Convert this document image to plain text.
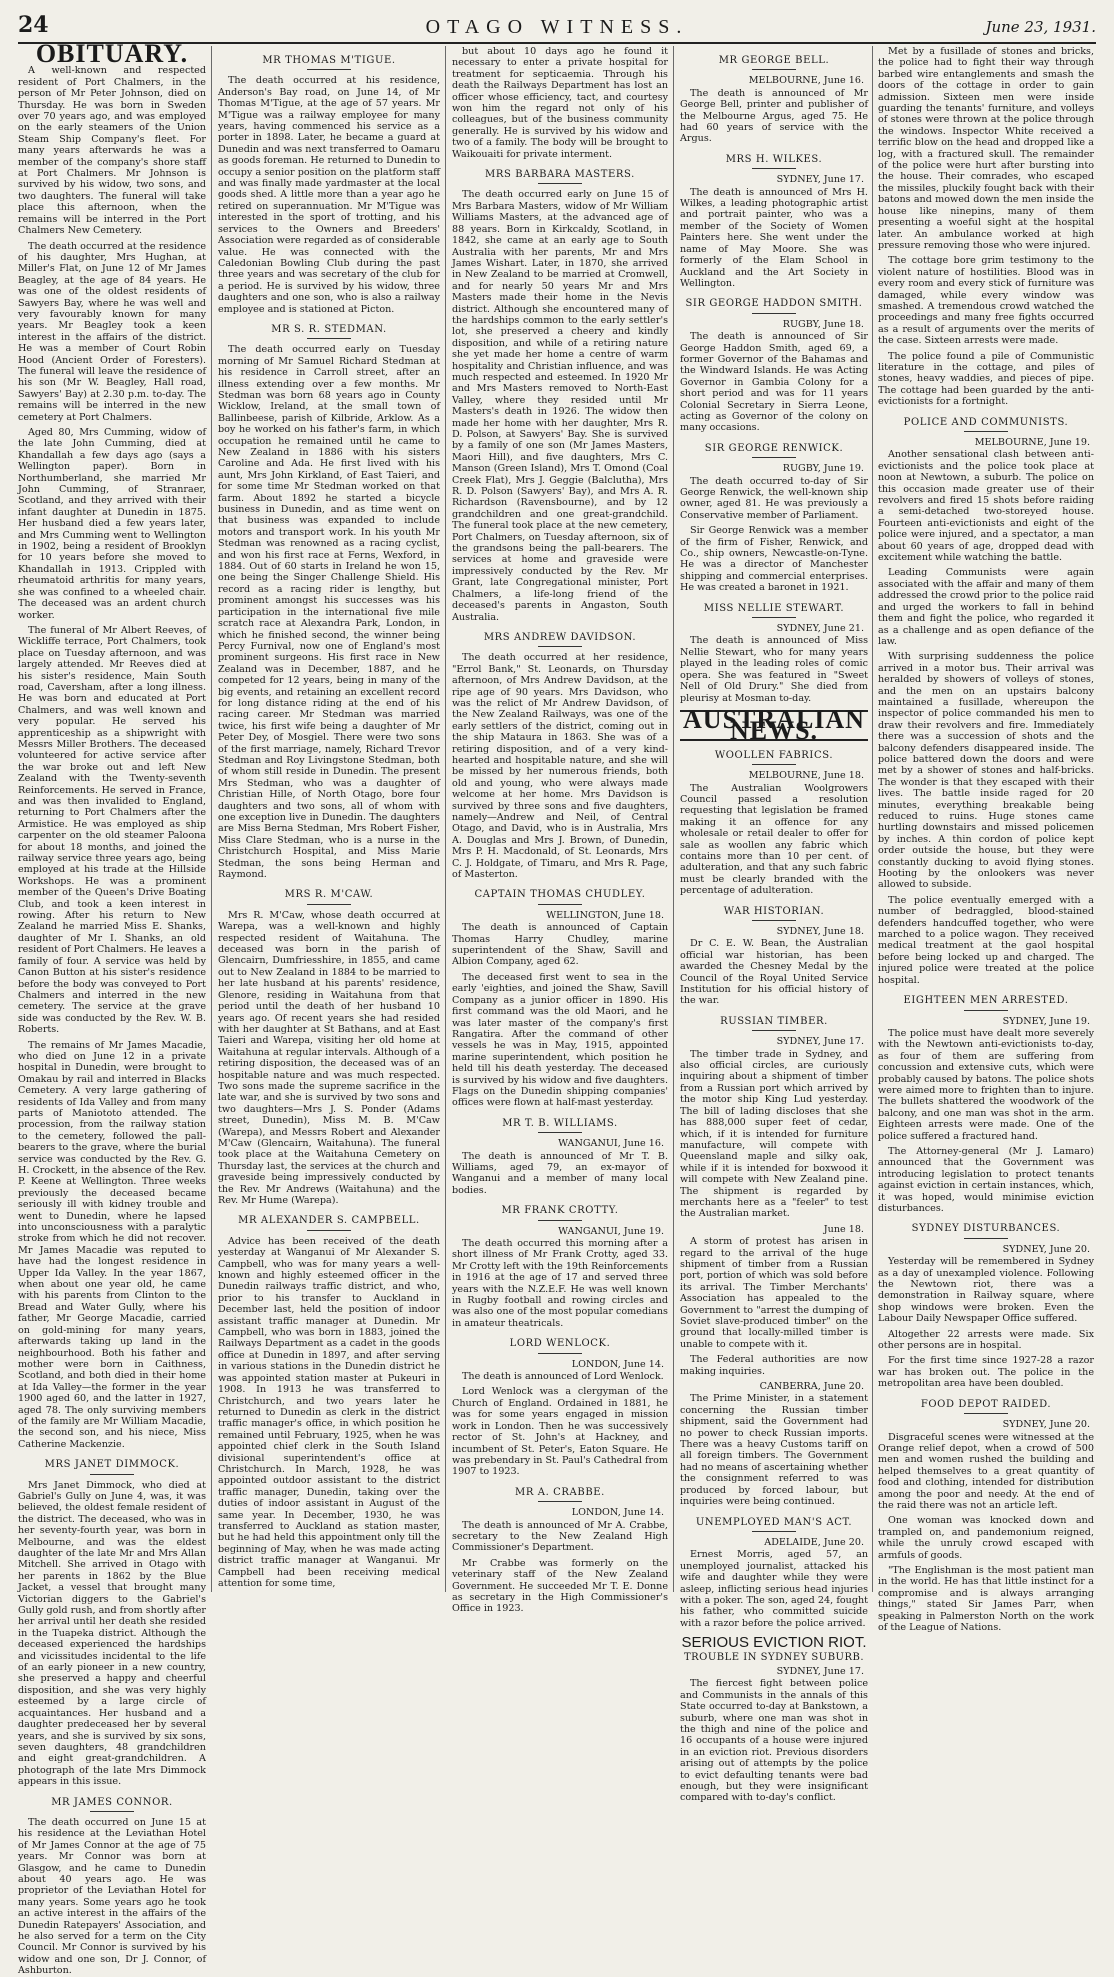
24	OTAGO WITNESS.	June 23, 1931.
OBITUARY.

A well-known and respected resident of Port Chalmers, in the person of Mr Peter Johnson, died on Thursday. He was born in Sweden over 70 years ago, and was employed on the early steamers of the Union Steam Ship Company's fleet. For many years afterwards he was a member of the company's shore staff at Port Chalmers. Mr Johnson is survived by his widow, two sons, and two daughters. The funeral will take place this afternoon, when the remains will be interred in the Port Chalmers New Cemetery.

The death occurred at the residence of his daughter, Mrs Hughan, at Miller's Flat, on June 12 of Mr James Beagley, at the age of 84 years. He was one of the oldest residents of Sawyers Bay, where he was well and very favourably known for many years. Mr Beagley took a keen interest in the affairs of the district. He was a member of Court Robin Hood (Ancient Order of Foresters). The funeral will leave the residence of his son (Mr W. Beagley, Hall road, Sawyers' Bay) at 2.30 p.m. to-day. The remains will be interred in the new cemetery at Port Chalmers.

Aged 80, Mrs Cumming, widow of the late John Cumming, died at Khandallah a few days ago (says a Wellington paper). Born in Northumberland, she married Mr John Cumming, of Stranraer, Scotland, and they arrived with their infant daughter at Dunedin in 1875. Her husband died a few years later, and Mrs Cumming went to Wellington in 1902, being a resident of Brooklyn for 10 years before she moved to Khandallah in 1913. Crippled with rheumatoid arthritis for many years, she was confined to a wheeled chair. The deceased was an ardent church worker.

The funeral of Mr Albert Reeves, of Wickliffe terrace, Port Chalmers, took place on Tuesday afternoon, and was largely attended. Mr Reeves died at his sister's residence, Main South road, Caversham, after a long illness. He was born and educated at Port Chalmers, and was well known and very popular. He served his apprenticeship as a shipwright with Messrs Miller Brothers. The deceased volunteered for active service after the war broke out and left New Zealand with the Twenty-seventh Reinforcements. He served in France, and was then invalided to England, returning to Port Chalmers after the Armistice. He was employed as ship carpenter on the old steamer Paloona for about 18 months, and joined the railway service three years ago, being employed at his trade at the Hillside Workshops. He was a prominent member of the Queen's Drive Boating Club, and took a keen interest in rowing. After his return to New Zealand he married Miss E. Shanks, daughter of Mr I. Shanks, an old resident of Port Chalmers. He leaves a family of four. A service was held by Canon Button at his sister's residence before the body was conveyed to Port Chalmers and interred in the new cemetery. The service at the grave side was conducted by the Rev. W. B. Roberts.

The remains of Mr James Macadie, who died on June 12 in a private hospital in Dunedin, were brought to Omakau by rail and interred in Blacks Cemetery. A very large gathering of residents of Ida Valley and from many parts of Maniototo attended. The procession, from the railway station to the cemetery, followed the pall-bearers to the grave, where the burial service was conducted by the Rev. G. H. Crockett, in the absence of the Rev. P. Keene at Wellington. Three weeks previously the deceased became seriously ill with kidney trouble and went to Dunedin, where he lapsed into unconsciousness with a paralytic stroke from which he did not recover. Mr James Macadie was reputed to have had the longest residence in Upper Ida Valley. In the year 1867, when about one year old, he came with his parents from Clinton to the Bread and Water Gully, where his father, Mr George Macadie, carried on gold-mining for many years, afterwards taking up land in the neighbourhood. Both his father and mother were born in Caithness, Scotland, and both died in their home at Ida Valley—the former in the year 1900 aged 60, and the latter in 1927, aged 78. The only surviving members of the family are Mr William Macadie, the second son, and his niece, Miss Catherine Mackenzie.

MRS JANET DIMMOCK.

Mrs Janet Dimmock, who died at Gabriel's Gully on June 4, was, it was believed, the oldest female resident of the district. The deceased, who was in her seventy-fourth year, was born in Melbourne, and was the eldest daughter of the late Mr and Mrs Allan Mitchell. She arrived in Otago with her parents in 1862 by the Blue Jacket, a vessel that brought many Victorian diggers to the Gabriel's Gully gold rush, and from shortly after her arrival until her death she resided in the Tuapeka district. Although the deceased experienced the hardships and vicissitudes incidental to the life of an early pioneer in a new country, she preserved a happy and cheerful disposition, and she was very highly esteemed by a large circle of acquaintances. Her husband and a daughter predeceased her by several years, and she is survived by six sons, seven daughters, 48 grandchildren and eight great-grandchildren. A photograph of the late Mrs Dimmock appears in this issue.

MR JAMES CONNOR.

The death occurred on June 15 at his residence at the Leviathan Hotel of Mr James Connor at the age of 75 years. Mr Connor was born at Glasgow, and he came to Dunedin about 40 years ago. He was proprietor of the Leviathan Hotel for many years. Some years ago he took an active interest in the affairs of the Dunedin Ratepayers' Association, and he also served for a term on the City Council. Mr Connor is survived by his widow and one son, Dr J. Connor, of Ashburton.

MR THOMAS M'TIGUE.

The death occurred at his residence, Anderson's Bay road, on June 14, of Mr Thomas M'Tigue, at the age of 57 years. Mr M'Tigue was a railway employee for many years, having commenced his service as a porter in 1898. Later, he became a guard at Dunedin and was next transferred to Oamaru as goods foreman. He returned to Dunedin to occupy a senior position on the platform staff and was finally made yardmaster at the local goods shed. A little more than a year ago he retired on superannuation. Mr M'Tigue was interested in the sport of trotting, and his services to the Owners and Breeders' Association were regarded as of considerable value. He was connected with the Caledonian Bowling Club during the past three years and was secretary of the club for a period. He is survived by his widow, three daughters and one son, who is also a railway employee and is stationed at Picton.

MR S. R. STEDMAN.

The death occurred early on Tuesday morning of Mr Samuel Richard Stedman at his residence in Carroll street, after an illness extending over a few months. Mr Stedman was born 68 years ago in County Wicklow, Ireland, at the small town of Ballinbeese, parish of Kilbride, Arklow. As a boy he worked on his father's farm, in which occupation he remained until he came to New Zealand in 1886 with his sisters Caroline and Ada. He first lived with his aunt, Mrs John Kirkland, of East Taieri, and for some time Mr Stedman worked on that farm. About 1892 he started a bicycle business in Dunedin, and as time went on that business was expanded to include motors and transport work. In his youth Mr Stedman was renowned as a racing cyclist, and won his first race at Ferns, Wexford, in 1884. Out of 60 starts in Ireland he won 15, one being the Singer Challenge Shield. His record as a racing rider is lengthy, but prominent amongst his successes was his participation in the international five mile scratch race at Alexandra Park, London, in which he finished second, the winner being Percy Furnival, now one of England's most prominent surgeons. His first race in New Zealand was in December, 1887, and he competed for 12 years, being in many of the big events, and retaining an excellent record for long distance riding at the end of his racing career. Mr Stedman was married twice, his first wife being a daughter of Mr Peter Dey, of Mosgiel. There were two sons of the first marriage, namely, Richard Trevor Stedman and Roy Livingstone Stedman, both of whom still reside in Dunedin. The present Mrs Stedman, who was a daughter of Christian Hille, of North Otago, bore four daughters and two sons, all of whom with one exception live in Dunedin. The daughters are Miss Berna Stedman, Mrs Robert Fisher, Miss Clare Stedman, who is a nurse in the Christchurch Hospital, and Miss Marie Stedman, the sons being Herman and Raymond.

MRS R. M'CAW.

Mrs R. M'Caw, whose death occurred at Warepa, was a well-known and highly respected resident of Waitahuna. The deceased was born in the parish of Glencairn, Dumfriesshire, in 1855, and came out to New Zealand in 1884 to be married to her late husband at his parents' residence, Glenore, residing in Waitahuna from that period until the death of her husband 10 years ago. Of recent years she had resided with her daughter at St Bathans, and at East Taieri and Warepa, visiting her old home at Waitahuna at regular intervals. Although of a retiring disposition, the deceased was of an hospitable nature and was much respected. Two sons made the supreme sacrifice in the late war, and she is survived by two sons and two daughters—Mrs J. S. Ponder (Adams street, Dunedin), Miss M. B. M'Caw (Warepa), and Messrs Robert and Alexander M'Caw (Glencairn, Waitahuna). The funeral took place at the Waitahuna Cemetery on Thursday last, the services at the church and graveside being impressively conducted by the Rev. Mr Andrews (Waitahuna) and the Rev. Mr Hume (Warepa).

MR ALEXANDER S. CAMPBELL.

Advice has been received of the death yesterday at Wanganui of Mr Alexander S. Campbell, who was for many years a well-known and highly esteemed officer in the Dunedin railways traffic district, and who, prior to his transfer to Auckland in December last, held the position of indoor assistant traffic manager at Dunedin. Mr Campbell, who was born in 1883, joined the Railways Department as a cadet in the goods office at Dunedin in 1897, and after serving in various stations in the Dunedin district he was appointed station master at Pukeuri in 1908. In 1913 he was transferred to Christchurch, and two years later he returned to Dunedin as clerk in the district traffic manager's office, in which position he remained until February, 1925, when he was appointed chief clerk in the South Island divisional superintendent's office at Christchurch. In March, 1928, he was appointed outdoor assistant to the district traffic manager, Dunedin, taking over the duties of indoor assistant in August of the same year. In December, 1930, he was transferred to Auckland as station master, but he had held this appointment only till the beginning of May, when he was made acting district traffic manager at Wanganui. Mr Campbell had been receiving medical attention for some time,

but about 10 days ago he found it necessary to enter a private hospital for treatment for septicaemia. Through his death the Railways Department has lost an officer whose efficiency, tact, and courtesy won him the regard not only of his colleagues, but of the business community generally. He is survived by his widow and two of a family. The body will be brought to Waikouaiti for private interment.

MRS BARBARA MASTERS.

The death occurred early on June 15 of Mrs Barbara Masters, widow of Mr William Williams Masters, at the advanced age of 88 years. Born in Kirkcaldy, Scotland, in 1842, she came at an early age to South Australia with her parents, Mr and Mrs James Wishart. Later, in 1870, she arrived in New Zealand to be married at Cromwell, and for nearly 50 years Mr and Mrs Masters made their home in the Nevis district. Although she encountered many of the hardships common to the early settler's lot, she preserved a cheery and kindly disposition, and while of a retiring nature she yet made her home a centre of warm hospitality and Christian influence, and was much respected and esteemed. In 1920 Mr and Mrs Masters removed to North-East Valley, where they resided until Mr Masters's death in 1926. The widow then made her home with her daughter, Mrs R. D. Polson, at Sawyers' Bay. She is survived by a family of one son (Mr James Masters, Maori Hill), and five daughters, Mrs C. Manson (Green Island), Mrs T. Omond (Coal Creek Flat), Mrs J. Geggie (Balclutha), Mrs R. D. Polson (Sawyers' Bay), and Mrs A. R. Richardson (Ravensbourne), and by 12 grandchildren and one great-grandchild. The funeral took place at the new cemetery, Port Chalmers, on Tuesday afternoon, six of the grandsons being the pall-bearers. The services at home and graveside were impressively conducted by the Rev. Mr Grant, late Congregational minister, Port Chalmers, a life-long friend of the deceased's parents in Angaston, South Australia.

MRS ANDREW DAVIDSON.

The death occurred at her residence, "Errol Bank," St. Leonards, on Thursday afternoon, of Mrs Andrew Davidson, at the ripe age of 90 years. Mrs Davidson, who was the relict of Mr Andrew Davidson, of the New Zealand Railways, was one of the early settlers of the district, coming out in the ship Mataura in 1863. She was of a retiring disposition, and of a very kind-hearted and hospitable nature, and she will be missed by her numerous friends, both old and young, who were always made welcome at her home. Mrs Davidson is survived by three sons and five daughters, namely—Andrew and Neil, of Central Otago, and David, who is in Australia, Mrs A. Douglas and Mrs J. Brown, of Dunedin, Mrs P. H. Macdonald, of St. Leonards, Mrs C. J. Holdgate, of Timaru, and Mrs R. Page, of Masterton.

CAPTAIN THOMAS CHUDLEY.
WELLINGTON, June 18.

The death is announced of Captain Thomas Harry Chudley, marine superintendent of the Shaw, Savill and Albion Company, aged 62.

The deceased first went to sea in the early 'eighties, and joined the Shaw, Savill Company as a junior officer in 1890. His first command was the old Maori, and he was later master of the company's first Rangatira. After the command of other vessels he was in May, 1915, appointed marine superintendent, which position he held till his death yesterday. The deceased is survived by his widow and five daughters. Flags on the Dunedin shipping companies' offices were flown at half-mast yesterday.

MR T. B. WILLIAMS.
WANGANUI, June 16.

The death is announced of Mr T. B. Williams, aged 79, an ex-mayor of Wanganui and a member of many local bodies.

MR FRANK CROTTY.
WANGANUI, June 19.

The death occurred this morning after a short illness of Mr Frank Crotty, aged 33. Mr Crotty left with the 19th Reinforcements in 1916 at the age of 17 and served three years with the N.Z.E.F. He was well known in Rugby football and rowing circles and was also one of the most popular comedians in amateur theatricals.

LORD WENLOCK.
LONDON, June 14.

The death is announced of Lord Wenlock.

Lord Wenlock was a clergyman of the Church of England. Ordained in 1881, he was for some years engaged in mission work in London. Then he was successively rector of St. John's at Hackney, and incumbent of St. Peter's, Eaton Square. He was prebendary in St. Paul's Cathedral from 1907 to 1923.

MR A. CRABBE.
LONDON, June 14.

The death is announced of Mr A. Crabbe, secretary to the New Zealand High Commissioner's Department.

Mr Crabbe was formerly on the veterinary staff of the New Zealand Government. He succeeded Mr T. E. Donne as secretary in the High Commissioner's Office in 1923.

MR GEORGE BELL.
MELBOURNE, June 16.

The death is announced of Mr George Bell, printer and publisher of the Melbourne Argus, aged 75. He had 60 years of service with the Argus.

MRS H. WILKES.
SYDNEY, June 17.

The death is announced of Mrs H. Wilkes, a leading photographic artist and portrait painter, who was a member of the Society of Women Painters here. She went under the name of May Moore. She was formerly of the Elam School in Auckland and the Art Society in Wellington.

SIR GEORGE HADDON SMITH.
RUGBY, June 18.

The death is announced of Sir George Haddon Smith, aged 69, a former Governor of the Bahamas and the Windward Islands. He was Acting Governor in Gambia Colony for a short period and was for 11 years Colonial Secretary in Sierra Leone, acting as Governor of the colony on many occasions.

SIR GEORGE RENWICK.
RUGBY, June 19.

The death occurred to-day of Sir George Renwick, the well-known ship owner, aged 81. He was previously a Conservative member of Parliament.

Sir George Renwick was a member of the firm of Fisher, Renwick, and Co., ship owners, Newcastle-on-Tyne. He was a director of Manchester shipping and commercial enterprises. He was created a baronet in 1921.

MISS NELLIE STEWART.
SYDNEY, June 21.

The death is announced of Miss Nellie Stewart, who for many years played in the leading roles of comic opera. She was featured in "Sweet Nell of Old Drury." She died from pleurisy at Mosman to-day.

AUSTRALIAN NEWS.
WOOLLEN FABRICS.
MELBOURNE, June 18.

The Australian Woolgrowers Council passed a resolution requesting that legislation be framed making it an offence for any wholesale or retail dealer to offer for sale as woollen any fabric which contains more than 10 per cent. of adulteration, and that any such fabric must be clearly branded with the percentage of adulteration.

WAR HISTORIAN.
SYDNEY, June 18.

Dr C. E. W. Bean, the Australian official war historian, has been awarded the Chesney Medal by the Council of the Royal United Service Institution for his official history of the war.

RUSSIAN TIMBER.
SYDNEY, June 17.

The timber trade in Sydney, and also official circles, are curiously inquiring about a shipment of timber from a Russian port which arrived by the motor ship King Lud yesterday. The bill of lading discloses that she has 888,000 super feet of cedar, which, if it is intended for furniture manufacture, will compete with Queensland maple and silky oak, while if it is intended for boxwood it will compete with New Zealand pine. The shipment is regarded by merchants here as a "feeler" to test the Australian market.

June 18.

A storm of protest has arisen in regard to the arrival of the huge shipment of timber from a Russian port, portion of which was sold before its arrival. The Timber Merchants' Association has appealed to the Government to "arrest the dumping of Soviet slave-produced timber" on the ground that locally-milled timber is unable to compete with it.

The Federal authorities are now making inquiries.

CANBERRA, June 20.

The Prime Minister, in a statement concerning the Russian timber shipment, said the Government had no power to check Russian imports. There was a heavy Customs tariff on all foreign timbers. The Government had no means of ascertaining whether the consignment referred to was produced by forced labour, but inquiries were being continued.

UNEMPLOYED MAN'S ACT.
ADELAIDE, June 20.

Ernest Morris, aged 57, an unemployed journalist, attacked his wife and daughter while they were asleep, inflicting serious head injuries with a poker. The son, aged 24, fought his father, who committed suicide with a razor before the police arrived.

SERIOUS EVICTION RIOT.
TROUBLE IN SYDNEY SUBURB.
SYDNEY, June 17.

The fiercest fight between police and Communists in the annals of this State occurred to-day at Bankstown, a suburb, where one man was shot in the thigh and nine of the police and 16 occupants of a house were injured in an eviction riot. Previous disorders arising out of attempts by the police to evict defaulting tenants were bad enough, but they were insignificant compared with to-day's conflict.

Met by a fusillade of stones and bricks, the police had to fight their way through barbed wire entanglements and smash the doors of the cottage in order to gain admission. Sixteen men were inside guarding the tenants' furniture, and volleys of stones were thrown at the police through the windows. Inspector White received a terrific blow on the head and dropped like a log, with a fractured skull. The remainder of the police were hurt after bursting into the house. Their comrades, who escaped the missiles, pluckily fought back with their batons and mowed down the men inside the house like ninepins, many of them presenting a woeful sight at the hospital later. An ambulance worked at high pressure removing those who were injured.

The cottage bore grim testimony to the violent nature of hostilities. Blood was in every room and every stick of furniture was damaged, while every window was smashed. A tremendous crowd watched the proceedings and many free fights occurred as a result of arguments over the merits of the case. Sixteen arrests were made.

The police found a pile of Communistic literature in the cottage, and piles of stones, heavy waddies, and pieces of pipe. The cottage had been guarded by the anti-evictionists for a fortnight.

POLICE AND COMMUNISTS.
MELBOURNE, June 19.

Another sensational clash between anti-evictionists and the police took place at noon at Newtown, a suburb. The police on this occasion made greater use of their revolvers and fired 15 shots before raiding a semi-detached two-storeyed house. Fourteen anti-evictionists and eight of the police were injured, and a spectator, a man about 60 years of age, dropped dead with excitement while watching the battle.

Leading Communists were again associated with the affair and many of them addressed the crowd prior to the police raid and urged the workers to fall in behind them and fight the police, who regarded it as a challenge and as open defiance of the law.

With surprising suddenness the police arrived in a motor bus. Their arrival was heralded by showers of volleys of stones, and the men on an upstairs balcony maintained a fusillade, whereupon the inspector of police commanded his men to draw their revolvers and fire. Immediately there was a succession of shots and the balcony defenders disappeared inside. The police battered down the doors and were met by a shower of stones and half-bricks. The wonder is that they escaped with their lives. The battle inside raged for 20 minutes, everything breakable being reduced to ruins. Huge stones came hurtling downstairs and missed policemen by inches. A thin cordon of police kept order outside the house, but they were constantly ducking to avoid flying stones. Hooting by the onlookers was never allowed to subside.

The police eventually emerged with a number of bedraggled, blood-stained defenders handcuffed together, who were marched to a police wagon. They received medical treatment at the gaol hospital before being locked up and charged. The injured police were treated at the police hospital.

EIGHTEEN MEN ARRESTED.
SYDNEY, June 19.

The police must have dealt more severely with the Newtown anti-evictionists to-day, as four of them are suffering from concussion and extensive cuts, which were probably caused by batons. The police shots were aimed more to frighten than to injure. The bullets shattered the woodwork of the balcony, and one man was shot in the arm. Eighteen arrests were made. One of the police suffered a fractured hand.

The Attorney-general (Mr J. Lamaro) announced that the Government was introducing legislation to protect tenants against eviction in certain instances, which, it was hoped, would minimise eviction disturbances.

SYDNEY DISTURBANCES.
SYDNEY, June 20.

Yesterday will be remembered in Sydney as a day of unexampled violence. Following the Newtown riot, there was a demonstration in Railway square, where shop windows were broken. Even the Labour Daily Newspaper Office suffered.

Altogether 22 arrests were made. Six other persons are in hospital.

For the first time since 1927-28 a razor war has broken out. The police in the metropolitan area have been doubled.

FOOD DEPOT RAIDED.
SYDNEY, June 20.

Disgraceful scenes were witnessed at the Orange relief depot, when a crowd of 500 men and women rushed the building and helped themselves to a great quantity of food and clothing, intended for distribution among the poor and needy. At the end of the raid there was not an article left.

One woman was knocked down and trampled on, and pandemonium reigned, while the unruly crowd escaped with armfuls of goods.

"The Englishman is the most patient man in the world. He has that little instinct for a compromise and is always arranging things," stated Sir James Parr, when speaking in Palmerston North on the work of the League of Nations.
